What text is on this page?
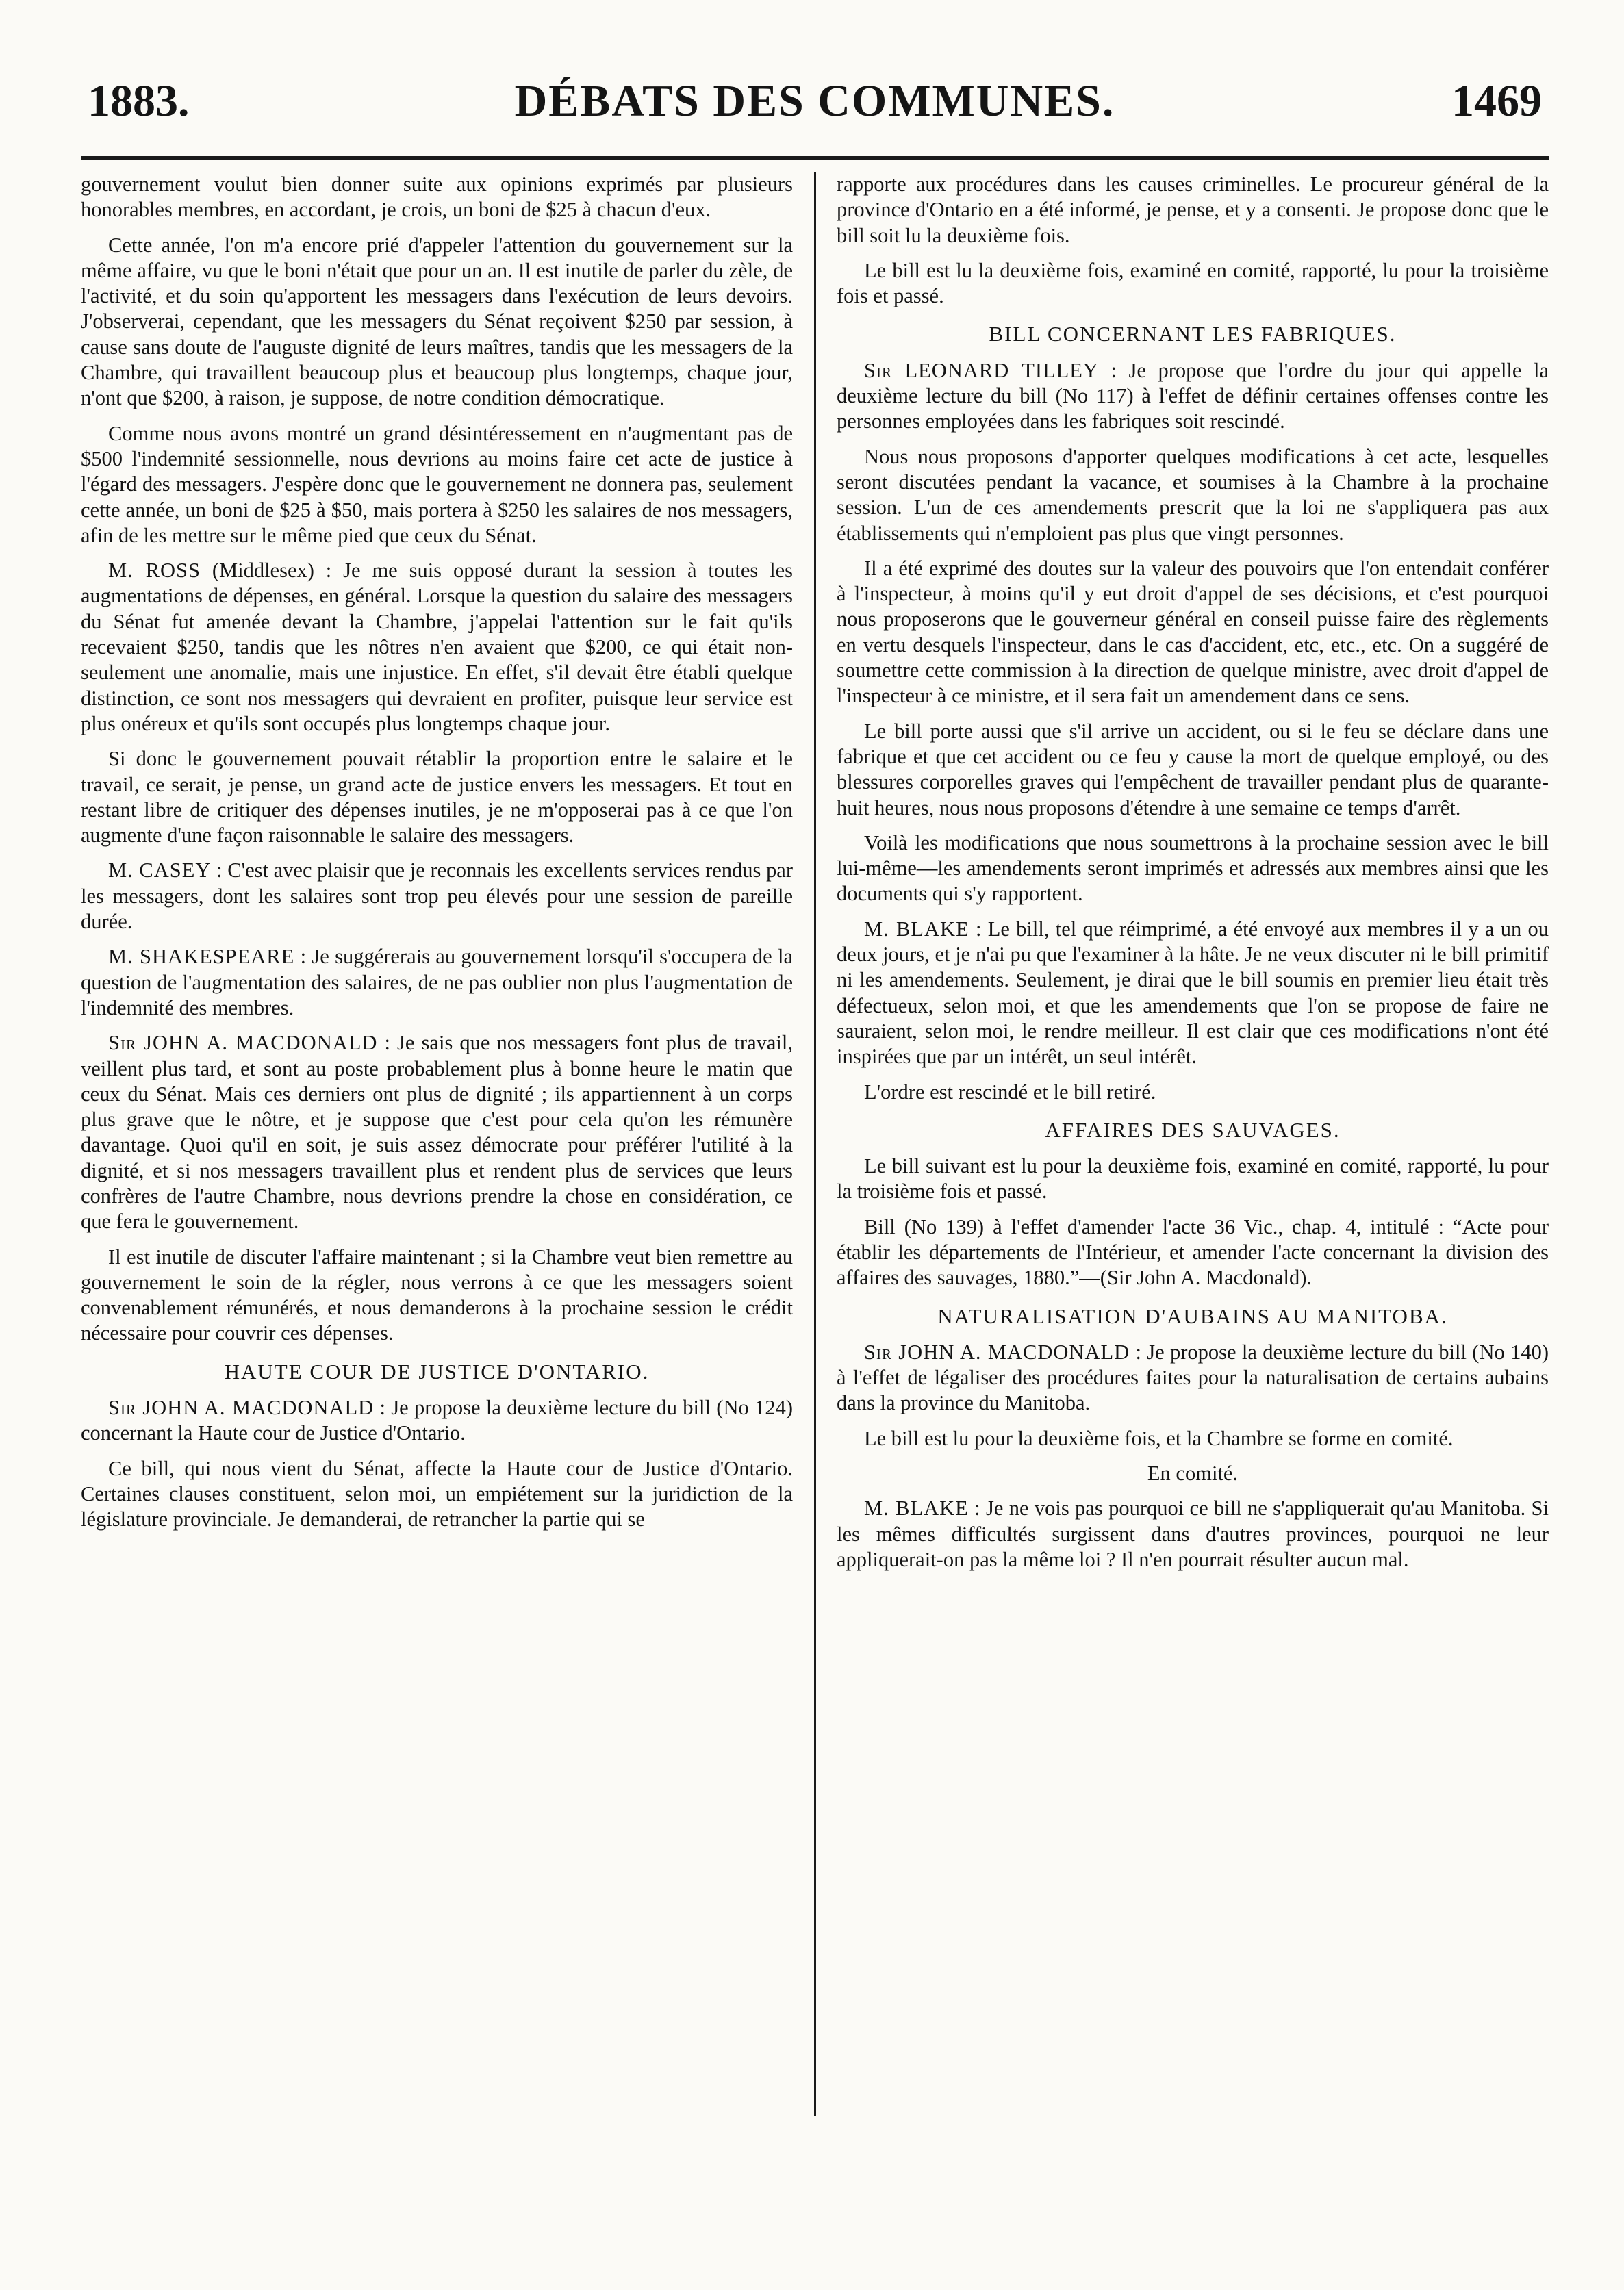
1883.	DÉBATS DES COMMUNES.	1469

gouvernement voulut bien donner suite aux opinions exprimés par plusieurs honorables membres, en accordant, je crois, un boni de $25 à chacun d'eux.

Cette année, l'on m'a encore prié d'appeler l'attention du gouvernement sur la même affaire, vu que le boni n'était que pour un an. Il est inutile de parler du zèle, de l'activité, et du soin qu'apportent les messagers dans l'exécution de leurs devoirs. J'observerai, cependant, que les messagers du Sénat reçoivent $250 par session, à cause sans doute de l'auguste dignité de leurs maîtres, tandis que les messagers de la Chambre, qui travaillent beaucoup plus et beaucoup plus longtemps, chaque jour, n'ont que $200, à raison, je suppose, de notre condition démocratique.

Comme nous avons montré un grand désintéressement en n'augmentant pas de $500 l'indemnité sessionnelle, nous devrions au moins faire cet acte de justice à l'égard des messagers. J'espère donc que le gouvernement ne donnera pas, seulement cette année, un boni de $25 à $50, mais portera à $250 les salaires de nos messagers, afin de les mettre sur le même pied que ceux du Sénat.

M. ROSS (Middlesex) : Je me suis opposé durant la session à toutes les augmentations de dépenses, en général. Lorsque la question du salaire des messagers du Sénat fut amenée devant la Chambre, j'appelai l'attention sur le fait qu'ils recevaient $250, tandis que les nôtres n'en avaient que $200, ce qui était non-seulement une anomalie, mais une injustice. En effet, s'il devait être établi quelque distinction, ce sont nos messagers qui devraient en profiter, puisque leur service est plus onéreux et qu'ils sont occupés plus longtemps chaque jour.

Si donc le gouvernement pouvait rétablir la proportion entre le salaire et le travail, ce serait, je pense, un grand acte de justice envers les messagers. Et tout en restant libre de critiquer des dépenses inutiles, je ne m'opposerai pas à ce que l'on augmente d'une façon raisonnable le salaire des messagers.

M. CASEY : C'est avec plaisir que je reconnais les excellents services rendus par les messagers, dont les salaires sont trop peu élevés pour une session de pareille durée.

M. SHAKESPEARE : Je suggérerais au gouvernement lorsqu'il s'occupera de la question de l'augmentation des salaires, de ne pas oublier non plus l'augmentation de l'indemnité des membres.

Sir JOHN A. MACDONALD : Je sais que nos messagers font plus de travail, veillent plus tard, et sont au poste probablement plus à bonne heure le matin que ceux du Sénat. Mais ces derniers ont plus de dignité ; ils appartiennent à un corps plus grave que le nôtre, et je suppose que c'est pour cela qu'on les rémunère davantage. Quoi qu'il en soit, je suis assez démocrate pour préférer l'utilité à la dignité, et si nos messagers travaillent plus et rendent plus de services que leurs confrères de l'autre Chambre, nous devrions prendre la chose en considération, ce que fera le gouvernement.

Il est inutile de discuter l'affaire maintenant ; si la Chambre veut bien remettre au gouvernement le soin de la régler, nous verrons à ce que les messagers soient convenablement rémunérés, et nous demanderons à la prochaine session le crédit nécessaire pour couvrir ces dépenses.

HAUTE COUR DE JUSTICE D'ONTARIO.

Sir JOHN A. MACDONALD : Je propose la deuxième lecture du bill (No 124) concernant la Haute cour de Justice d'Ontario.

Ce bill, qui nous vient du Sénat, affecte la Haute cour de Justice d'Ontario. Certaines clauses constituent, selon moi, un empiétement sur la juridiction de la législature provinciale. Je demanderai, de retrancher la partie qui se

rapporte aux procédures dans les causes criminelles. Le procureur général de la province d'Ontario en a été informé, je pense, et y a consenti. Je propose donc que le bill soit lu la deuxième fois.

Le bill est lu la deuxième fois, examiné en comité, rapporté, lu pour la troisième fois et passé.

BILL CONCERNANT LES FABRIQUES.

Sir LEONARD TILLEY : Je propose que l'ordre du jour qui appelle la deuxième lecture du bill (No 117) à l'effet de définir certaines offenses contre les personnes employées dans les fabriques soit rescindé.

Nous nous proposons d'apporter quelques modifications à cet acte, lesquelles seront discutées pendant la vacance, et soumises à la Chambre à la prochaine session. L'un de ces amendements prescrit que la loi ne s'appliquera pas aux établissements qui n'emploient pas plus que vingt personnes.

Il a été exprimé des doutes sur la valeur des pouvoirs que l'on entendait conférer à l'inspecteur, à moins qu'il y eut droit d'appel de ses décisions, et c'est pourquoi nous proposerons que le gouverneur général en conseil puisse faire des règlements en vertu desquels l'inspecteur, dans le cas d'accident, etc, etc., etc. On a suggéré de soumettre cette commission à la direction de quelque ministre, avec droit d'appel de l'inspecteur à ce ministre, et il sera fait un amendement dans ce sens.

Le bill porte aussi que s'il arrive un accident, ou si le feu se déclare dans une fabrique et que cet accident ou ce feu y cause la mort de quelque employé, ou des blessures corporelles graves qui l'empêchent de travailler pendant plus de quarante-huit heures, nous nous proposons d'étendre à une semaine ce temps d'arrêt.

Voilà les modifications que nous soumettrons à la prochaine session avec le bill lui-même—les amendements seront imprimés et adressés aux membres ainsi que les documents qui s'y rapportent.

M. BLAKE : Le bill, tel que réimprimé, a été envoyé aux membres il y a un ou deux jours, et je n'ai pu que l'examiner à la hâte. Je ne veux discuter ni le bill primitif ni les amendements. Seulement, je dirai que le bill soumis en premier lieu était très défectueux, selon moi, et que les amendements que l'on se propose de faire ne sauraient, selon moi, le rendre meilleur. Il est clair que ces modifications n'ont été inspirées que par un intérêt, un seul intérêt.

L'ordre est rescindé et le bill retiré.

AFFAIRES DES SAUVAGES.

Le bill suivant est lu pour la deuxième fois, examiné en comité, rapporté, lu pour la troisième fois et passé.

Bill (No 139) à l'effet d'amender l'acte 36 Vic., chap. 4, intitulé : “Acte pour établir les départements de l'Intérieur, et amender l'acte concernant la division des affaires des sauvages, 1880.”—(Sir John A. Macdonald).

NATURALISATION D'AUBAINS AU MANITOBA.

Sir JOHN A. MACDONALD : Je propose la deuxième lecture du bill (No 140) à l'effet de légaliser des procédures faites pour la naturalisation de certains aubains dans la province du Manitoba.

Le bill est lu pour la deuxième fois, et la Chambre se forme en comité.

En comité.

M. BLAKE : Je ne vois pas pourquoi ce bill ne s'appliquerait qu'au Manitoba. Si les mêmes difficultés surgissent dans d'autres provinces, pourquoi ne leur appliquerait-on pas la même loi ? Il n'en pourrait résulter aucun mal.
